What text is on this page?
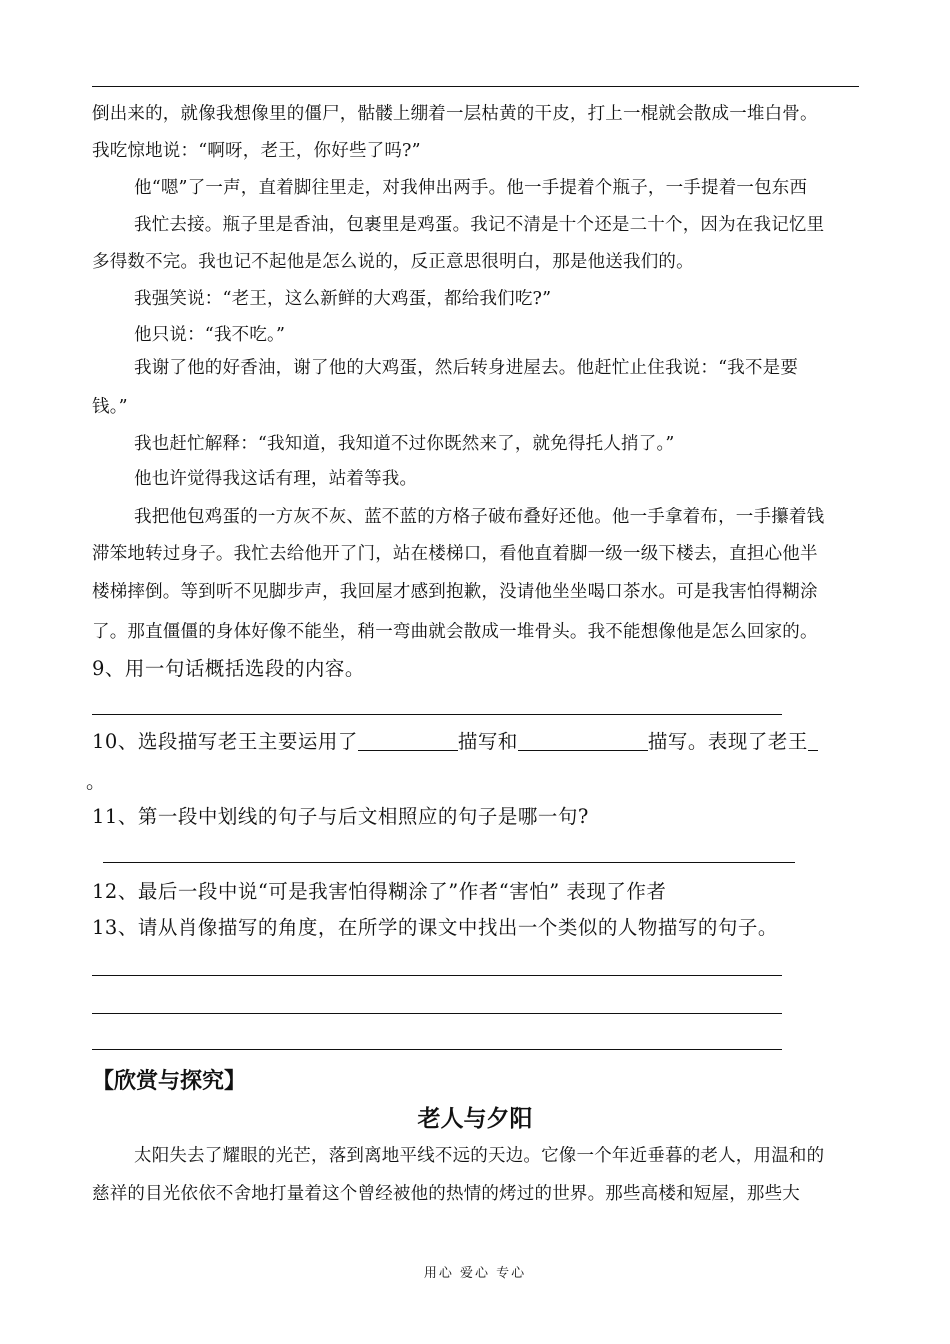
倒出来的，就像我想像里的僵尸，骷髅上绷着一层枯黄的干皮，打上一棍就会散成一堆白骨。
我吃惊地说：“啊呀，老王，你好些了吗?”
他“嗯”了一声，直着脚往里走，对我伸出两手。他一手提着个瓶子，一手提着一包东西
我忙去接。瓶子里是香油，包裹里是鸡蛋。我记不清是十个还是二十个，因为在我记忆里
多得数不完。我也记不起他是怎么说的，反正意思很明白，那是他送我们的。
我强笑说：“老王，这么新鲜的大鸡蛋，都给我们吃?”
他只说：“我不吃。”
我谢了他的好香油，谢了他的大鸡蛋，然后转身进屋去。他赶忙止住我说：“我不是要
钱。”
我也赶忙解释：“我知道，我知道不过你既然来了，就免得托人捎了。”
他也许觉得我这话有理，站着等我。
我把他包鸡蛋的一方灰不灰、蓝不蓝的方格子破布叠好还他。他一手拿着布，一手攥着钱
滞笨地转过身子。我忙去给他开了门，站在楼梯口，看他直着脚一级一级下楼去，直担心他半
楼梯摔倒。等到听不见脚步声，我回屋才感到抱歉，没请他坐坐喝口茶水。可是我害怕得糊涂
了。那直僵僵的身体好像不能坐，稍一弯曲就会散成一堆骨头。我不能想像他是怎么回家的。
9、用一句话概括选段的内容。
10、选段描写老王主要运用了	描写和	描写。表现了老王
。
11、第一段中划线的句子与后文相照应的句子是哪一句?
12、最后一段中说“可是我害怕得糊涂了”作者“害怕” 表现了作者
13、请从肖像描写的角度，在所学的课文中找出一个类似的人物描写的句子。
【欣赏与探究】
老人与夕阳
太阳失去了耀眼的光芒，落到离地平线不远的天边。它像一个年近垂暮的老人，用温和的
慈祥的目光依依不舍地打量着这个曾经被他的热情的烤过的世界。那些高楼和短屋，那些大
用心 爱心 专心
